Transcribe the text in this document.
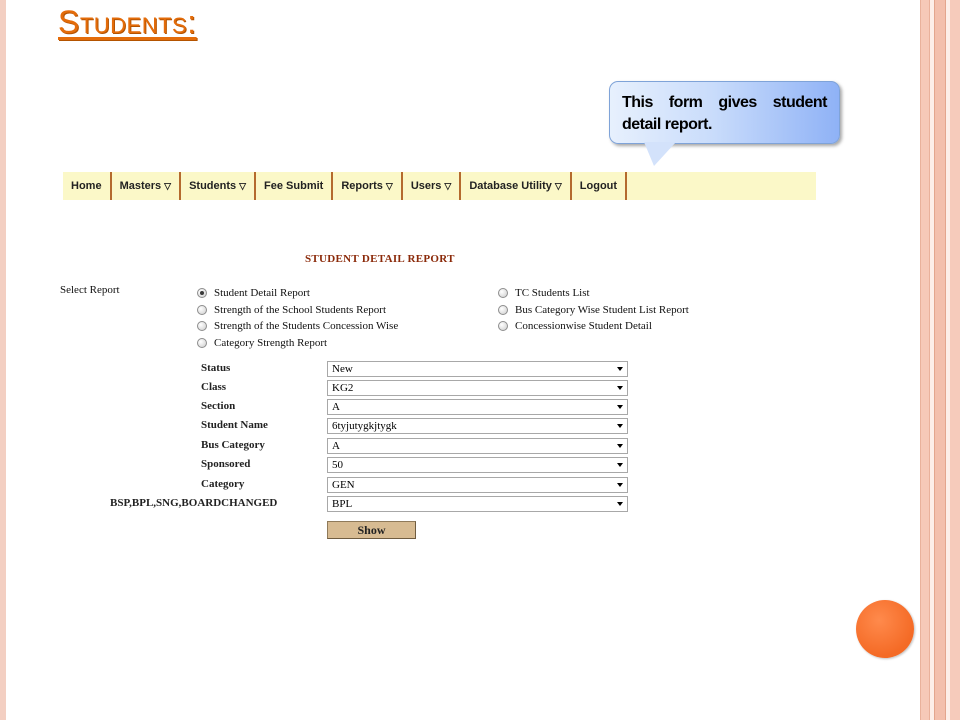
Students:
This form gives student detail report.
Home	Masters ▽	Students ▽	Fee Submit	Reports ▽	Users ▽	Database Utility ▽	Logout
STUDENT DETAIL REPORT
Select Report	Student Detail Report
Strength of the School Students Report
Strength of the Students Concession Wise
Category Strength Report
TC Students List
Bus Category Wise Student List Report
Concessionwise Student Detail
Status	New
Class	KG2
Section	A
Student Name	6tyjutygkjtygk
Bus Category	A
Sponsored	50
Category	GEN
BSP,BPL,SNG,BOARDCHANGED	BPL
Show
